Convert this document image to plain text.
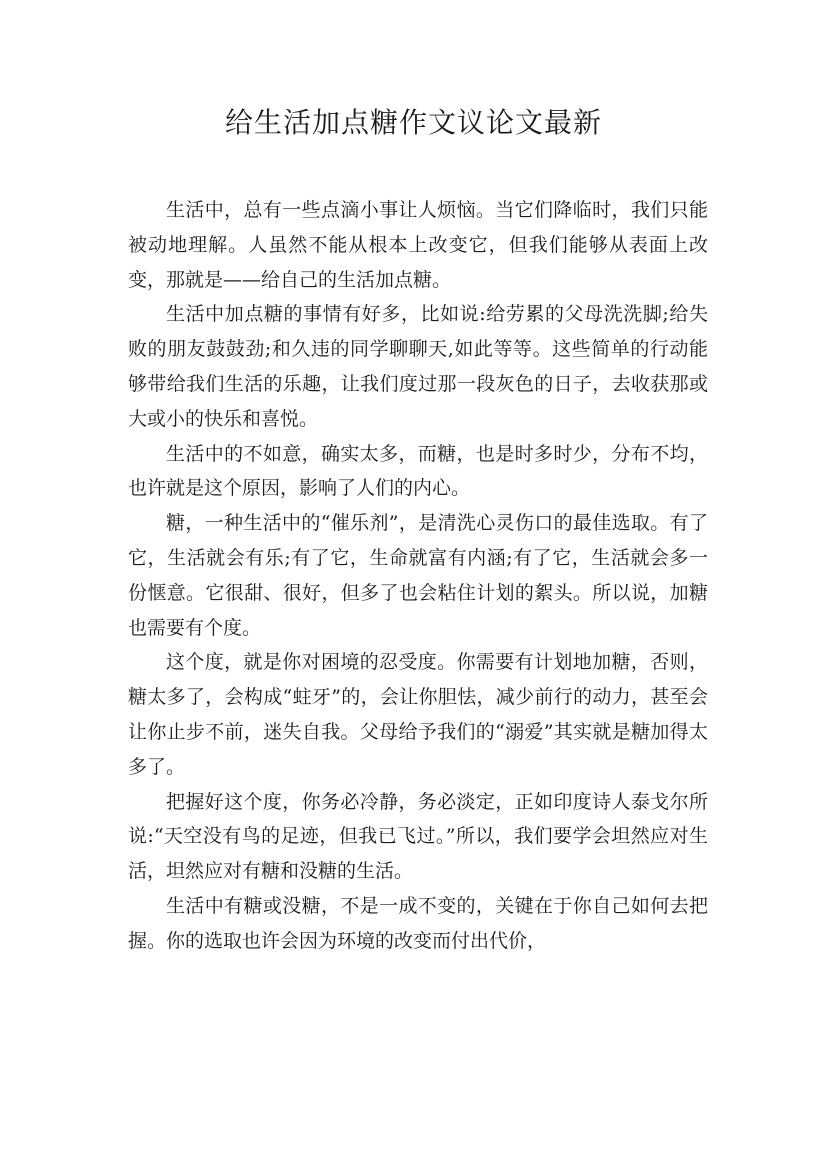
给生活加点糖作文议论文最新

生活中，总有一些点滴小事让人烦恼。当它们降临时，我们只能被动地理解。人虽然不能从根本上改变它，但我们能够从表面上改变，那就是——给自己的生活加点糖。

生活中加点糖的事情有好多，比如说:给劳累的父母洗洗脚;给失败的朋友鼓鼓劲;和久违的同学聊聊天,如此等等。这些简单的行动能够带给我们生活的乐趣，让我们度过那一段灰色的日子，去收获那或大或小的快乐和喜悦。

生活中的不如意，确实太多，而糖，也是时多时少，分布不均，也许就是这个原因，影响了人们的内心。

糖，一种生活中的“催乐剂”，是清洗心灵伤口的最佳选取。有了它，生活就会有乐;有了它，生命就富有内涵;有了它，生活就会多一份惬意。它很甜、很好，但多了也会粘住计划的絮头。所以说，加糖也需要有个度。

这个度，就是你对困境的忍受度。你需要有计划地加糖，否则，糖太多了，会构成“蛀牙”的，会让你胆怯，减少前行的动力，甚至会让你止步不前，迷失自我。父母给予我们的“溺爱”其实就是糖加得太多了。

把握好这个度，你务必冷静，务必淡定，正如印度诗人泰戈尔所说:“天空没有鸟的足迹，但我已飞过。”所以，我们要学会坦然应对生活，坦然应对有糖和没糖的生活。

生活中有糖或没糖，不是一成不变的，关键在于你自己如何去把握。你的选取也许会因为环境的改变而付出代价，
